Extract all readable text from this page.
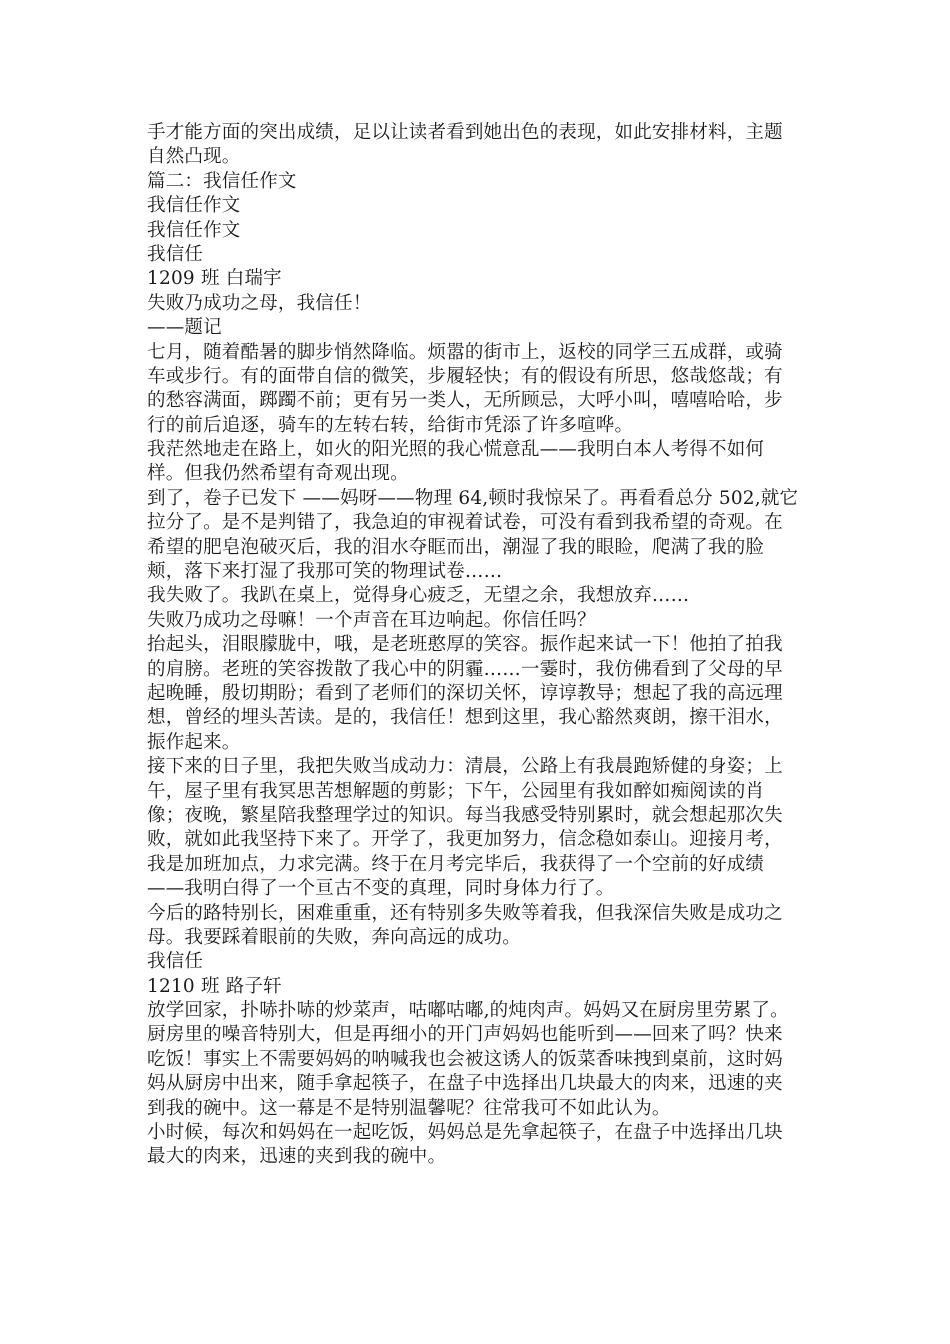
手才能方面的突出成绩，足以让读者看到她出色的表现，如此安排材料，主题
自然凸现。
篇二：我信任作文
我信任作文
我信任作文
我信任
1209 班 白瑞宇
失败乃成功之母，我信任！
——题记
七月，随着酷暑的脚步悄然降临。烦嚣的街市上，返校的同学三五成群，或骑
车或步行。有的面带自信的微笑，步履轻快；有的假设有所思，悠哉悠哉；有
的愁容满面，踯躅不前；更有另一类人，无所顾忌，大呼小叫，嘻嘻哈哈，步
行的前后追逐，骑车的左转右转，给街市凭添了许多喧哗。
我茫然地走在路上，如火的阳光照的我心慌意乱——我明白本人考得不如何
样。但我仍然希望有奇观出现。
到了，卷子已发下 ——妈呀——物理 64,顿时我惊呆了。再看看总分 502,就它
拉分了。是不是判错了，我急迫的审视着试卷，可没有看到我希望的奇观。在
希望的肥皂泡破灭后，我的泪水夺眶而出，潮湿了我的眼睑，爬满了我的脸
颊，落下来打湿了我那可笑的物理试卷……
我失败了。我趴在桌上，觉得身心疲乏，无望之余，我想放弃……
失败乃成功之母嘛！一个声音在耳边响起。你信任吗？
抬起头，泪眼朦胧中，哦，是老班憨厚的笑容。振作起来试一下！他拍了拍我
的肩膀。老班的笑容拨散了我心中的阴霾……一霎时，我仿佛看到了父母的早
起晚睡，殷切期盼；看到了老师们的深切关怀，谆谆教导；想起了我的高远理
想，曾经的埋头苦读。是的，我信任！想到这里，我心豁然爽朗，擦干泪水，
振作起来。
接下来的日子里，我把失败当成动力：清晨，公路上有我晨跑矫健的身姿；上
午，屋子里有我冥思苦想解题的剪影；下午，公园里有我如醉如痴阅读的肖
像；夜晚，繁星陪我整理学过的知识。每当我感受特别累时，就会想起那次失
败，就如此我坚持下来了。开学了，我更加努力，信念稳如泰山。迎接月考，
我是加班加点，力求完满。终于在月考完毕后，我获得了一个空前的好成绩
——我明白得了一个亘古不变的真理，同时身体力行了。
今后的路特别长，困难重重，还有特别多失败等着我，但我深信失败是成功之
母。我要踩着眼前的失败，奔向高远的成功。
我信任
1210 班 路子轩
放学回家，扑哧扑哧的炒菜声，咕嘟咕嘟,的炖肉声。妈妈又在厨房里劳累了。
厨房里的噪音特别大，但是再细小的开门声妈妈也能听到——回来了吗？快来
吃饭！事实上不需要妈妈的呐喊我也会被这诱人的饭菜香味拽到桌前，这时妈
妈从厨房中出来，随手拿起筷子，在盘子中选择出几块最大的肉来，迅速的夹
到我的碗中。这一幕是不是特别温馨呢？往常我可不如此认为。
小时候，每次和妈妈在一起吃饭，妈妈总是先拿起筷子，在盘子中选择出几块
最大的肉来，迅速的夹到我的碗中。
